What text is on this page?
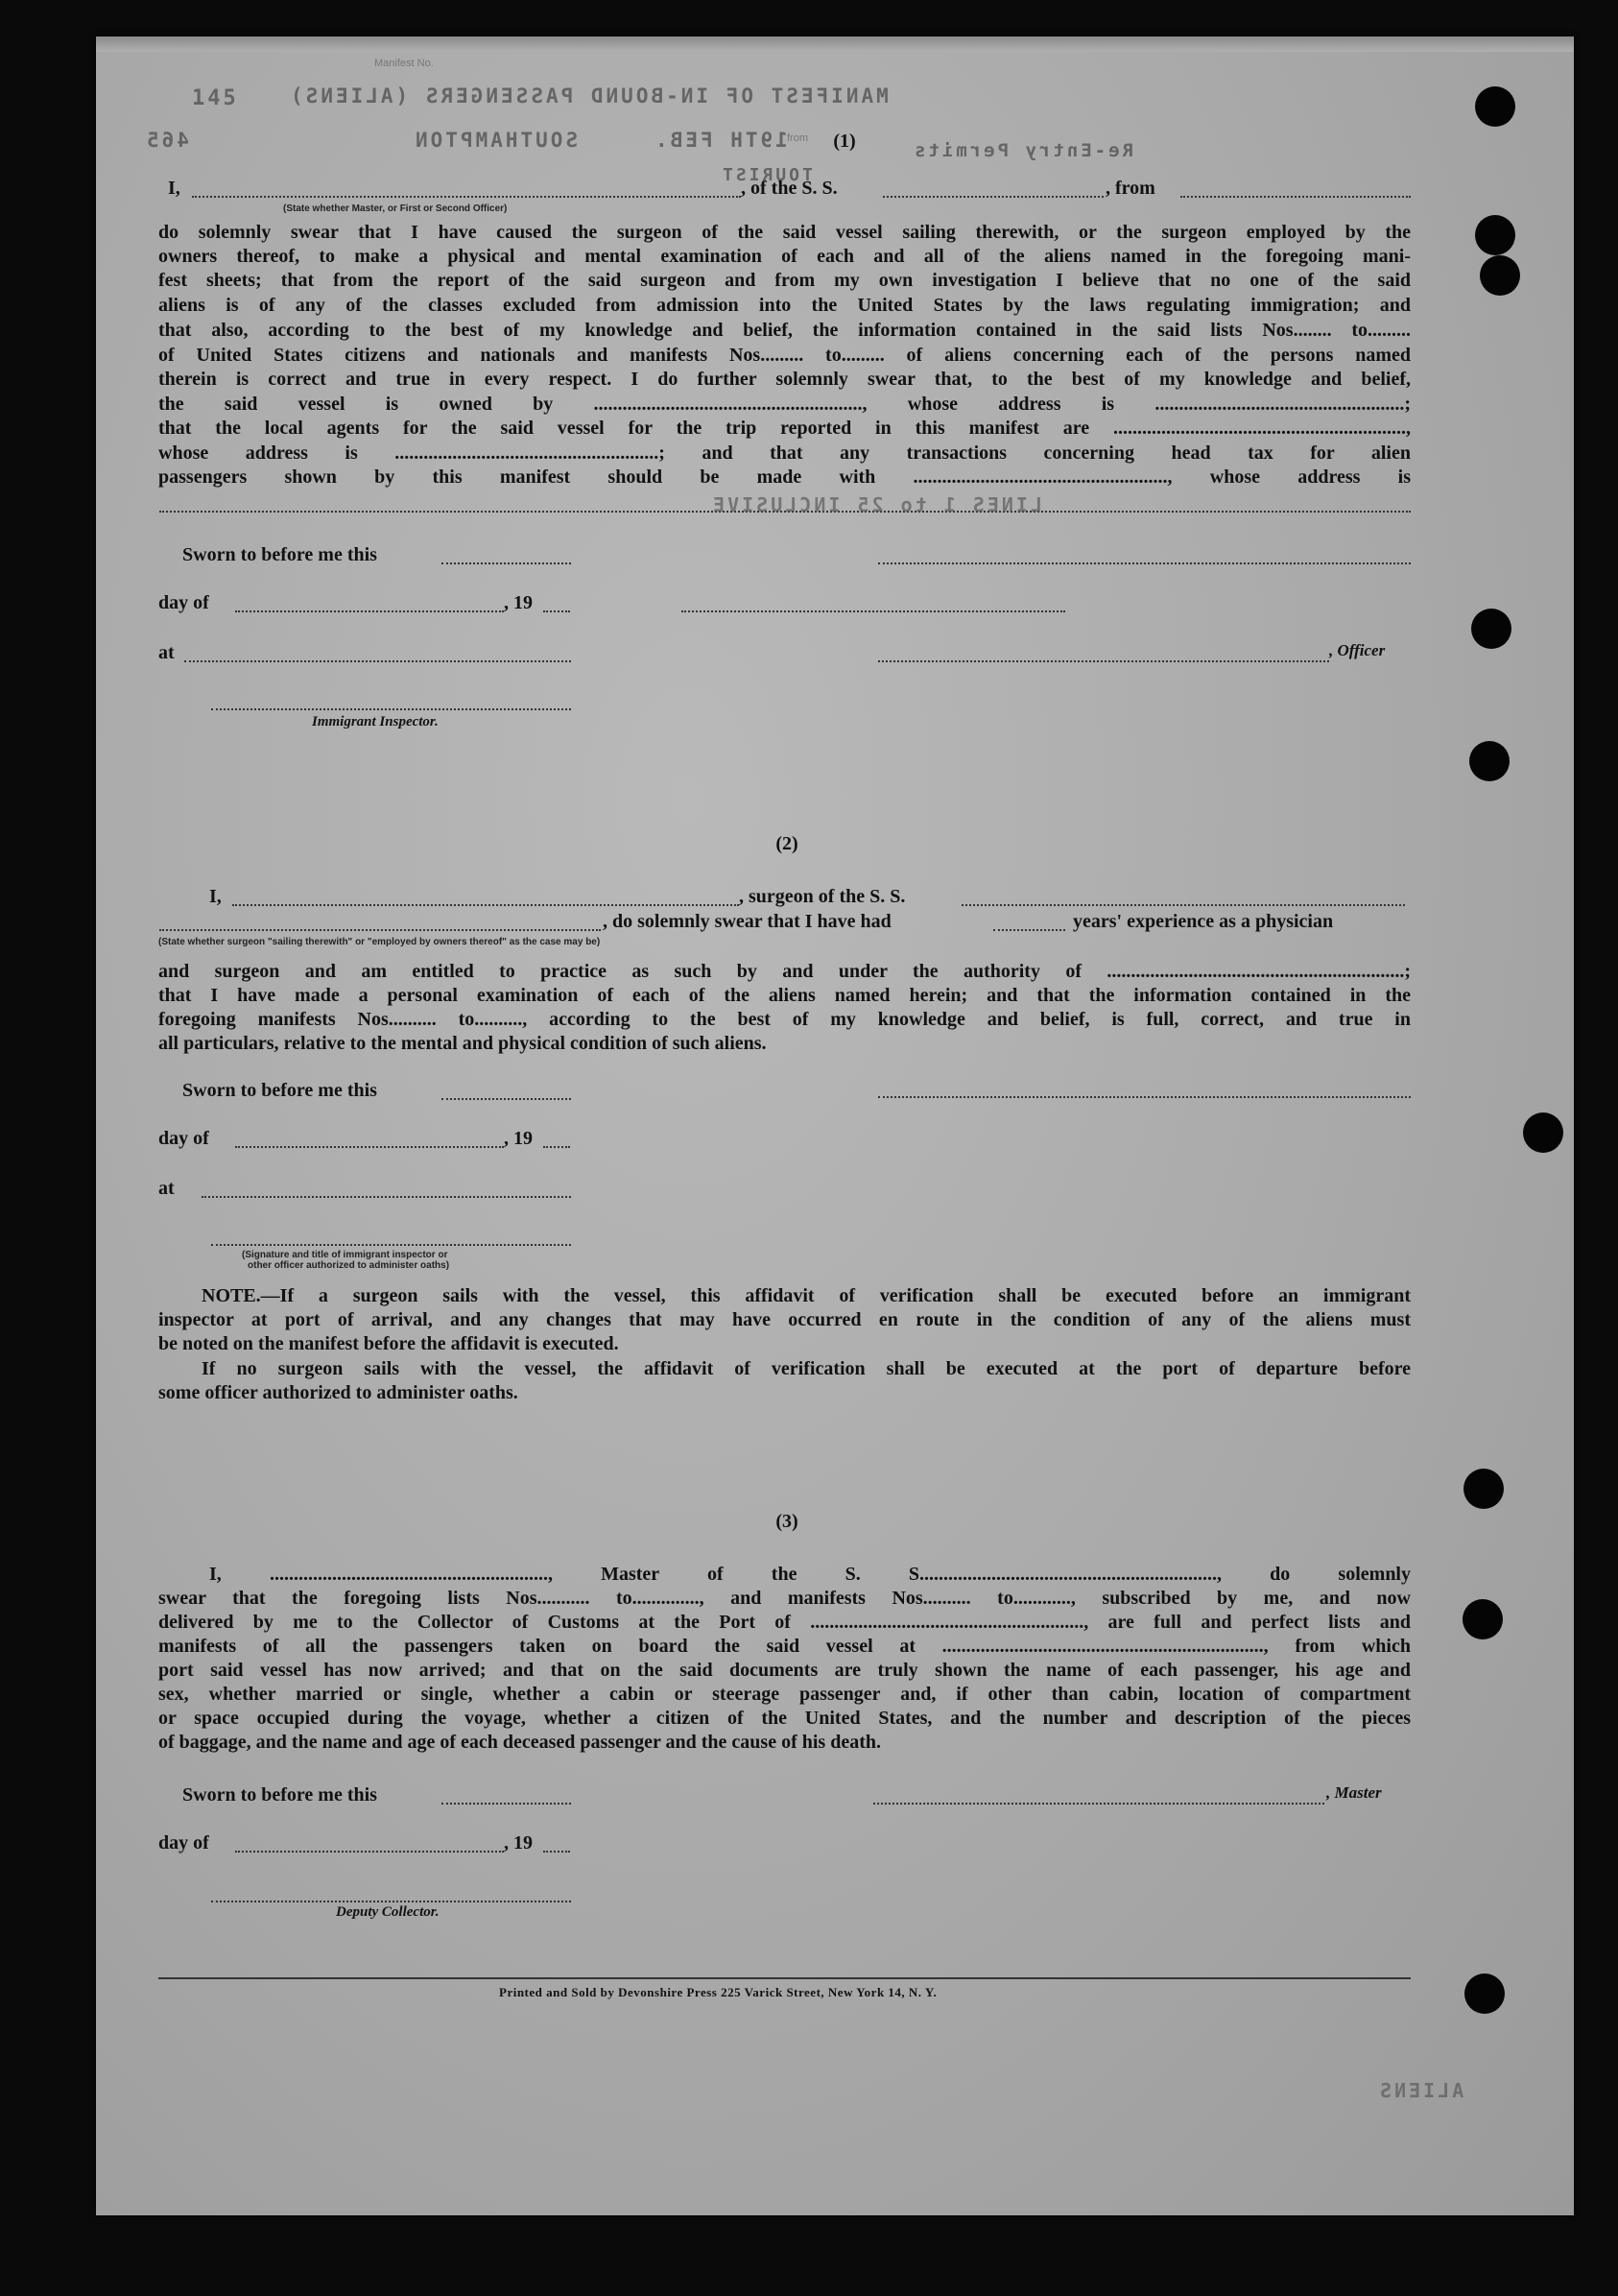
Manifest No.
MANIFEST OF IN-BOUND PASSENGERS (ALIENS)
145
SOUTHAMPTON	19TH FEB.
465
TOURIST
Re-Entry Permits
from	(1)
I,	, of the S. S.	, from
(State whether Master, or First or Second Officer)
do solemnly swear that I have caused the surgeon of the said vessel sailing therewith, or the surgeon employed by the
owners thereof, to make a physical and mental examination of each and all of the aliens named in the foregoing mani-
fest sheets; that from the report of the said surgeon and from my own investigation I believe that no one of the said
aliens is of any of the classes excluded from admission into the United States by the laws regulating immigration; and
that also, according to the best of my knowledge and belief, the information contained in the said lists Nos........ to.........
of United States citizens and nationals and manifests Nos......... to......... of aliens concerning each of the persons named
therein is correct and true in every respect. I do further solemnly swear that, to the best of my knowledge and belief,
the said vessel is owned by ........................................................, whose address is ....................................................;
that the local agents for the said vessel for the trip reported in this manifest are .............................................................,
whose address is .......................................................; and that any transactions concerning head tax for alien
passengers shown by this manifest should be made with ....................................................., whose address is
LINES 1 to 25 INCLUSIVE
Sworn to before me this
day of	, 19
at	, Officer
Immigrant Inspector.
(2)
I,	, surgeon of the S. S.
, do solemnly swear that I have had	years' experience as a physician
(State whether surgeon "sailing therewith" or "employed by owners thereof" as the case may be)
and surgeon and am entitled to practice as such by and under the authority of ..............................................................;
that I have made a personal examination of each of the aliens named herein; and that the information contained in the
foregoing manifests Nos.......... to.........., according to the best of my knowledge and belief, is full, correct, and true in
all particulars, relative to the mental and physical condition of such aliens.
Sworn to before me this
day of	, 19
at
(Signature and title of immigrant inspector or
other officer authorized to administer oaths)
NOTE.—If a surgeon sails with the vessel, this affidavit of verification shall be executed before an immigrant
inspector at port of arrival, and any changes that may have occurred en route in the condition of any of the aliens must
be noted on the manifest before the affidavit is executed.
If no surgeon sails with the vessel, the affidavit of verification shall be executed at the port of departure before
some officer authorized to administer oaths.
(3)
I, .........................................................., Master of the S. S.............................................................., do solemnly
swear that the foregoing lists Nos........... to.............., and manifests Nos.......... to............, subscribed by me, and now
delivered by me to the Collector of Customs at the Port of ........................................................., are full and perfect lists and
manifests of all the passengers taken on board the said vessel at ..................................................................., from which
port said vessel has now arrived; and that on the said documents are truly shown the name of each passenger, his age and
sex, whether married or single, whether a cabin or steerage passenger and, if other than cabin, location of compartment
or space occupied during the voyage, whether a citizen of the United States, and the number and description of the pieces
of baggage, and the name and age of each deceased passenger and the cause of his death.
Sworn to before me this	, Master
day of	, 19
Deputy Collector.
Printed and Sold by Devonshire Press 225 Varick Street, New York 14, N. Y.
ALIENS
